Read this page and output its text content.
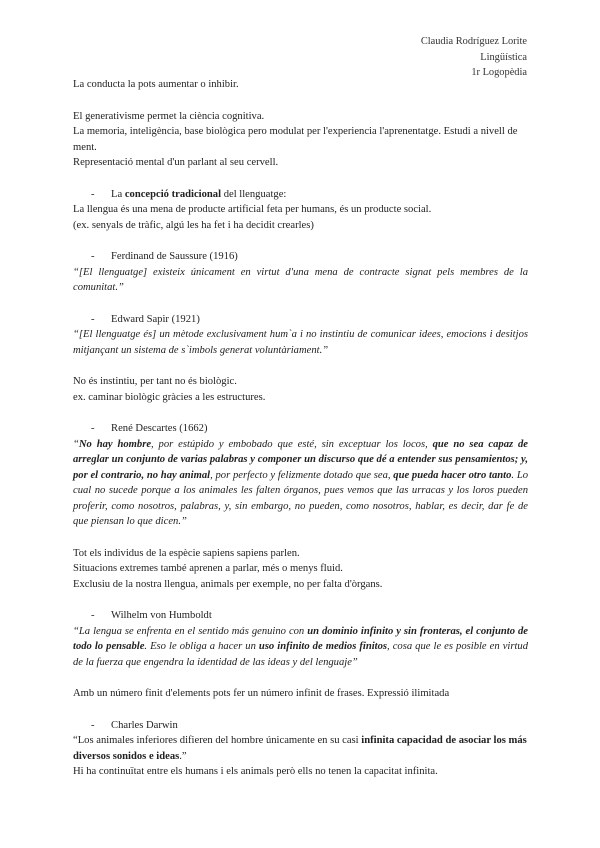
Claudia Rodríguez Lorite
Lingüística
1r Logopèdia

La conducta la pots aumentar o inhibir.

El generativisme permet la ciència cognitiva.

La memoria, inteligència, base biològica pero modulat per l'experiencia l'aprenentatge. Estudi a nivell de ment.

Representació mental d'un parlant al seu cervell.

- La concepció tradicional del llenguatge:

La llengua és una mena de producte artificial feta per humans, és un producte social.

(ex. senyals de tràfic, algú les ha fet i ha decidit crearles)

- Ferdinand de Saussure (1916)

“[El llenguatge] existeix únicament en virtut d'una mena de contracte signat pels membres de la comunitat.”

- Edward Sapir (1921)

“[El llenguatge és] un mètode exclusivament hum`a i no instintiu de comunicar idees, emocions i desitjos mitjançant un sistema de s`imbols generat voluntàriament.”

No és instintiu, per tant no és biològic.

ex. caminar biològic gràcies a les estructures.

- René Descartes (1662)

“No hay hombre, por estúpido y embobado que esté, sin exceptuar los locos, que no sea capaz de arreglar un conjunto de varias palabras y componer un discurso que dé a entender sus pensamientos; y, por el contrario, no hay animal, por perfecto y felizmente dotado que sea, que pueda hacer otro tanto. Lo cual no sucede porque a los animales les falten órganos, pues vemos que las urracas y los loros pueden proferir, como nosotros, palabras, y, sin embargo, no pueden, como nosotros, hablar, es decir, dar fe de que piensan lo que dicen.”

Tot els individus de la espècie sapiens sapiens parlen.

Situacions extremes també aprenen a parlar, més o menys fluid.

Exclusiu de la nostra llengua, animals per exemple, no per falta d'òrgans.

- Wilhelm von Humboldt

“La lengua se enfrenta en el sentido más genuino con un dominio infinito y sin fronteras, el conjunto de todo lo pensable. Eso le obliga a hacer un uso infinito de medios finitos, cosa que le es posible en virtud de la fuerza que engendra la identidad de las ideas y del lenguaje”

Amb un número finit d'elements pots fer un número infinit de frases. Expressió ilimitada

- Charles Darwin

“Los animales inferiores difieren del hombre únicamente en su casi infinita capacidad de asociar los más diversos sonidos e ideas.”

Hi ha continuïtat entre els humans i els animals però ells no tenen la capacitat infinita.
